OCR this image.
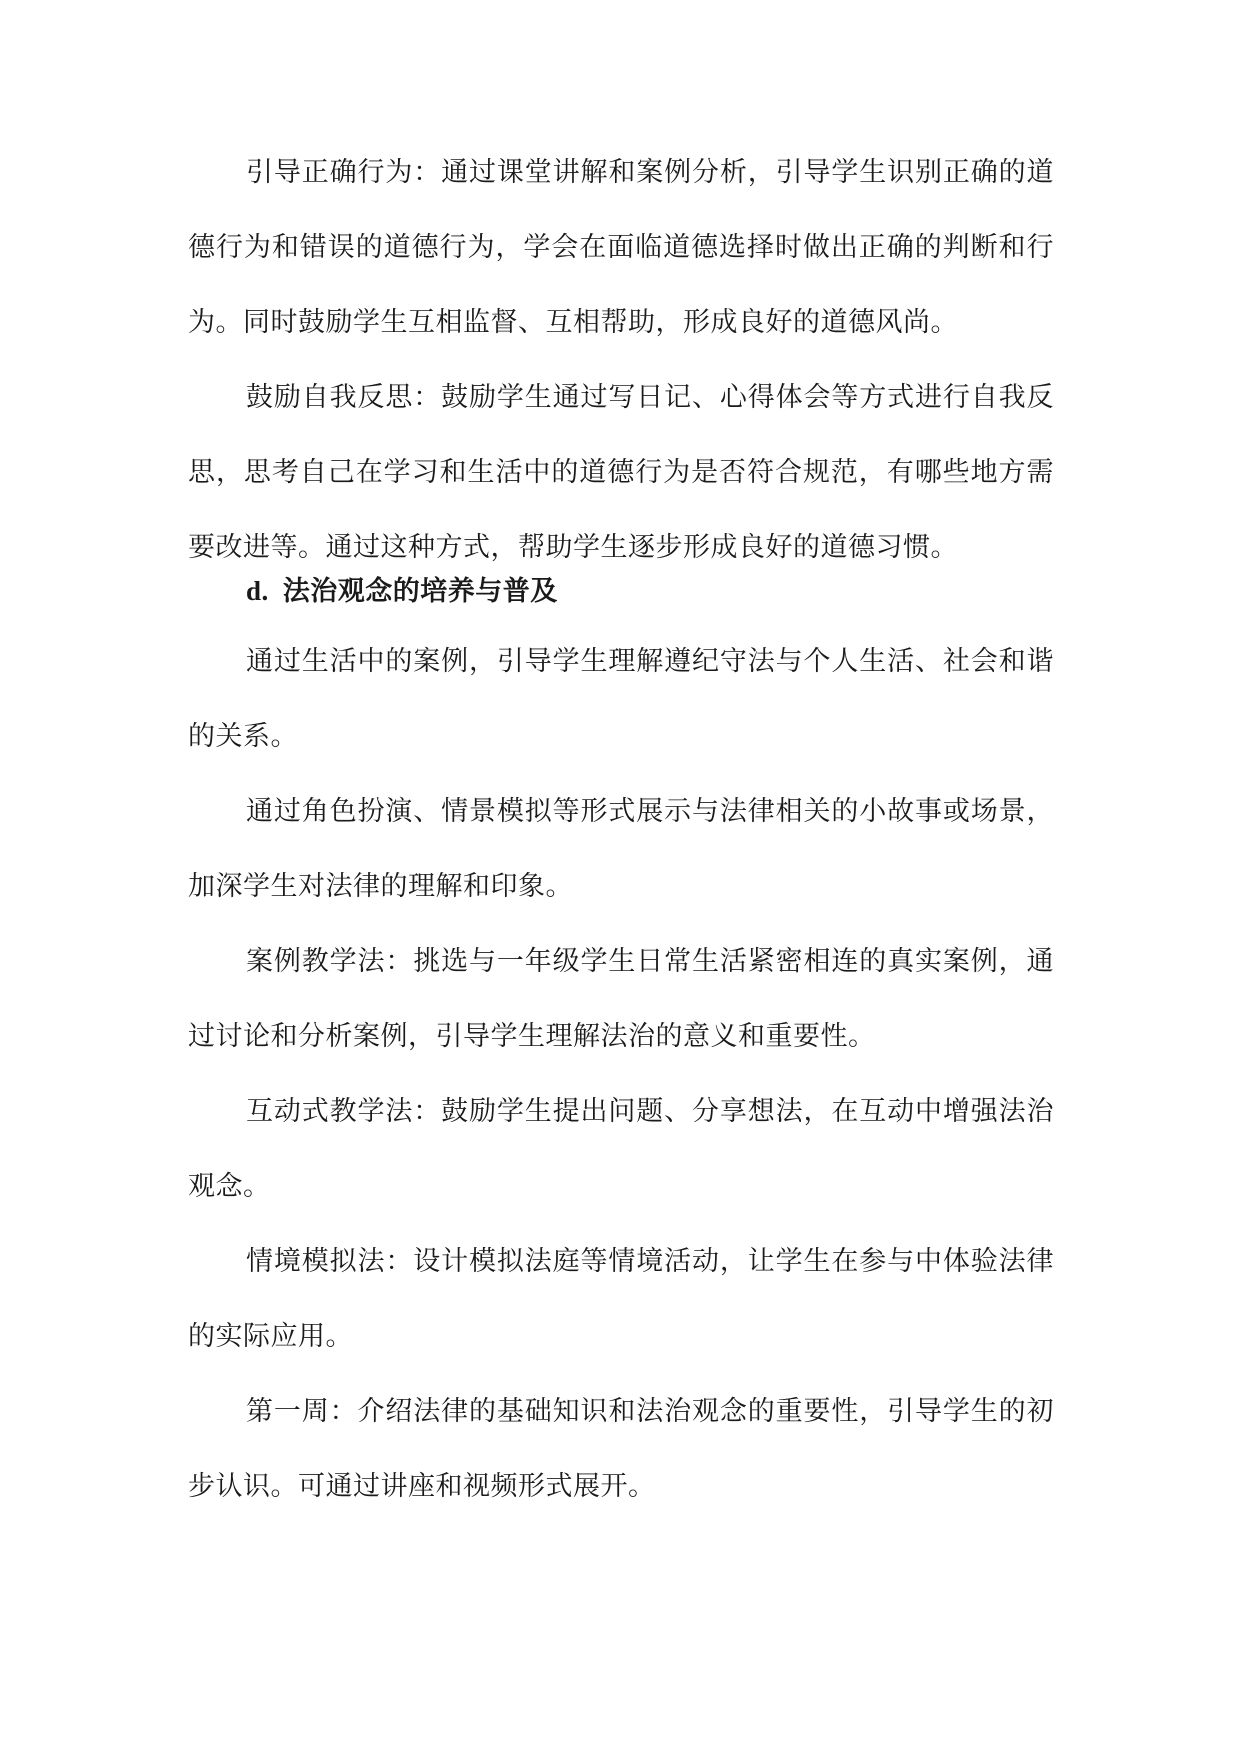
引导正确行为：通过课堂讲解和案例分析，引导学生识别正确的道德行为和错误的道德行为，学会在面临道德选择时做出正确的判断和行为。同时鼓励学生互相监督、互相帮助，形成良好的道德风尚。

鼓励自我反思：鼓励学生通过写日记、心得体会等方式进行自我反思，思考自己在学习和生活中的道德行为是否符合规范，有哪些地方需要改进等。通过这种方式，帮助学生逐步形成良好的道德习惯。

d. 法治观念的培养与普及

通过生活中的案例，引导学生理解遵纪守法与个人生活、社会和谐的关系。

通过角色扮演、情景模拟等形式展示与法律相关的小故事或场景，加深学生对法律的理解和印象。

案例教学法：挑选与一年级学生日常生活紧密相连的真实案例，通过讨论和分析案例，引导学生理解法治的意义和重要性。

互动式教学法：鼓励学生提出问题、分享想法，在互动中增强法治观念。

情境模拟法：设计模拟法庭等情境活动，让学生在参与中体验法律的实际应用。

第一周：介绍法律的基础知识和法治观念的重要性，引导学生的初步认识。可通过讲座和视频形式展开。
